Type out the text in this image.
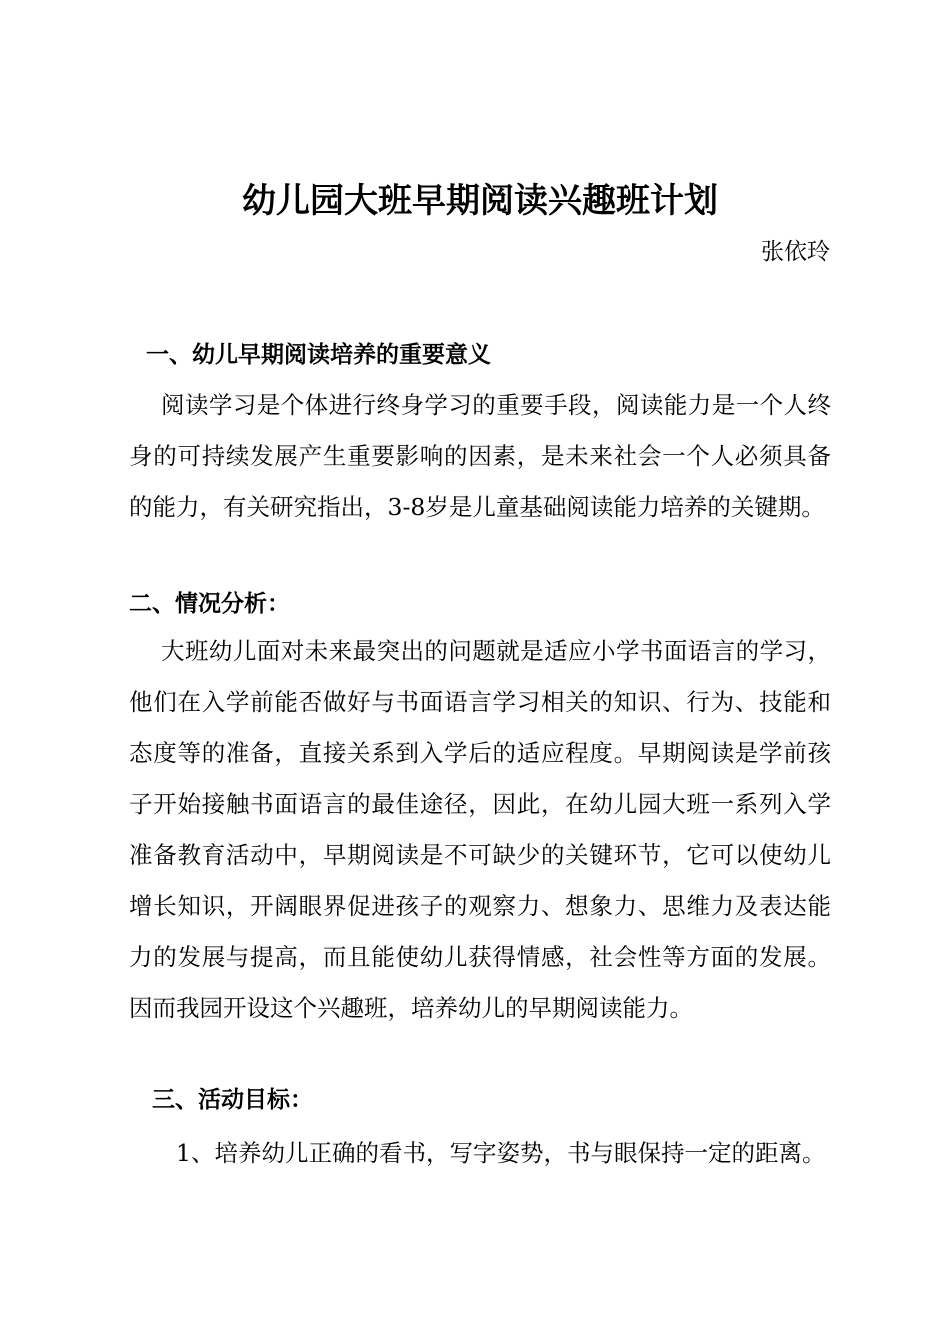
幼儿园大班早期阅读兴趣班计划
张依玲
一、幼儿早期阅读培养的重要意义

阅读学习是个体进行终身学习的重要手段，阅读能力是一个人终身的可持续发展产生重要影响的因素，是未来社会一个人必须具备的能力，有关研究指出，3-8岁是儿童基础阅读能力培养的关键期。

二、情况分析：

大班幼儿面对未来最突出的问题就是适应小学书面语言的学习，他们在入学前能否做好与书面语言学习相关的知识、行为、技能和态度等的准备，直接关系到入学后的适应程度。早期阅读是学前孩子开始接触书面语言的最佳途径，因此，在幼儿园大班一系列入学准备教育活动中，早期阅读是不可缺少的关键环节，它可以使幼儿增长知识，开阔眼界促进孩子的观察力、想象力、思维力及表达能力的发展与提高，而且能使幼儿获得情感，社会性等方面的发展。因而我园开设这个兴趣班，培养幼儿的早期阅读能力。

三、活动目标：

1、培养幼儿正确的看书，写字姿势，书与眼保持一定的距离。
